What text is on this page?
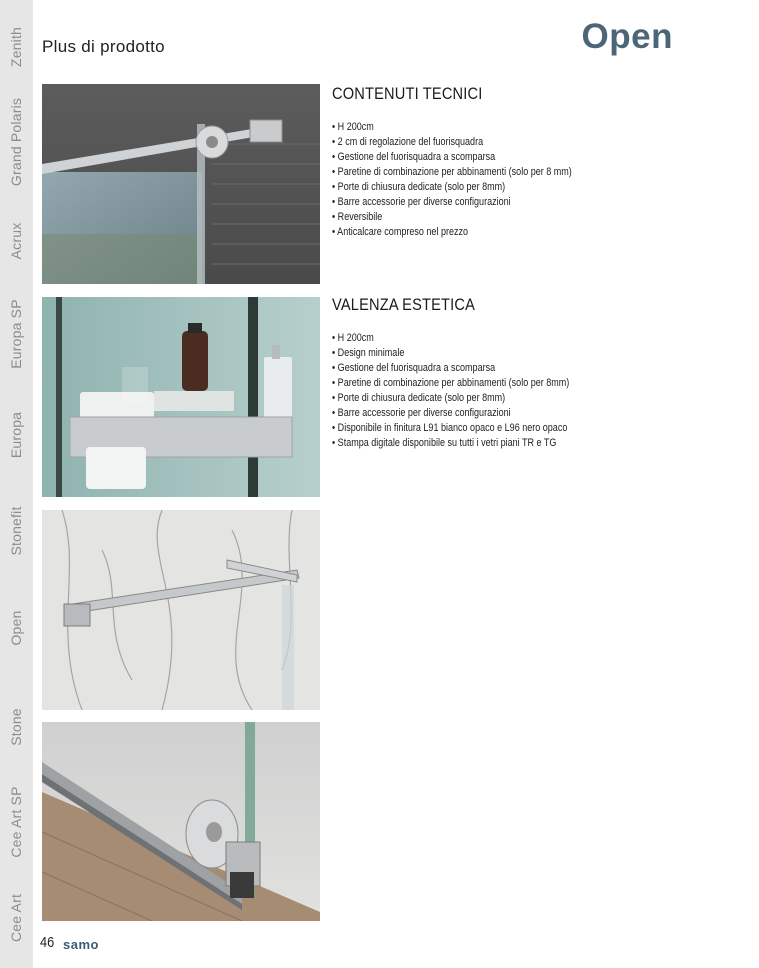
Zenith
Grand Polaris
Acrux
Europa SP
Europa
Stonefit
Open
Stone
Cee Art SP
Cee Art
Plus di prodotto	Open
CONTENUTI TECNICI
• H 200cm
• 2 cm di regolazione del fuorisquadra
• Gestione del fuorisquadra a scomparsa
• Paretine di combinazione per abbinamenti (solo per 8 mm)
• Porte di chiusura dedicate (solo per 8mm)
• Barre accessorie per diverse configurazioni
• Reversibile
• Anticalcare compreso nel prezzo
VALENZA ESTETICA
• H 200cm
• Design minimale
• Gestione del fuorisquadra a scomparsa
• Paretine di combinazione per abbinamenti (solo per 8mm)
• Porte di chiusura dedicate (solo per 8mm)
• Barre accessorie per diverse configurazioni
• Disponibile in finitura L91 bianco opaco e L96 nero opaco
• Stampa digitale disponibile su tutti i vetri piani TR e TG
46 samo
